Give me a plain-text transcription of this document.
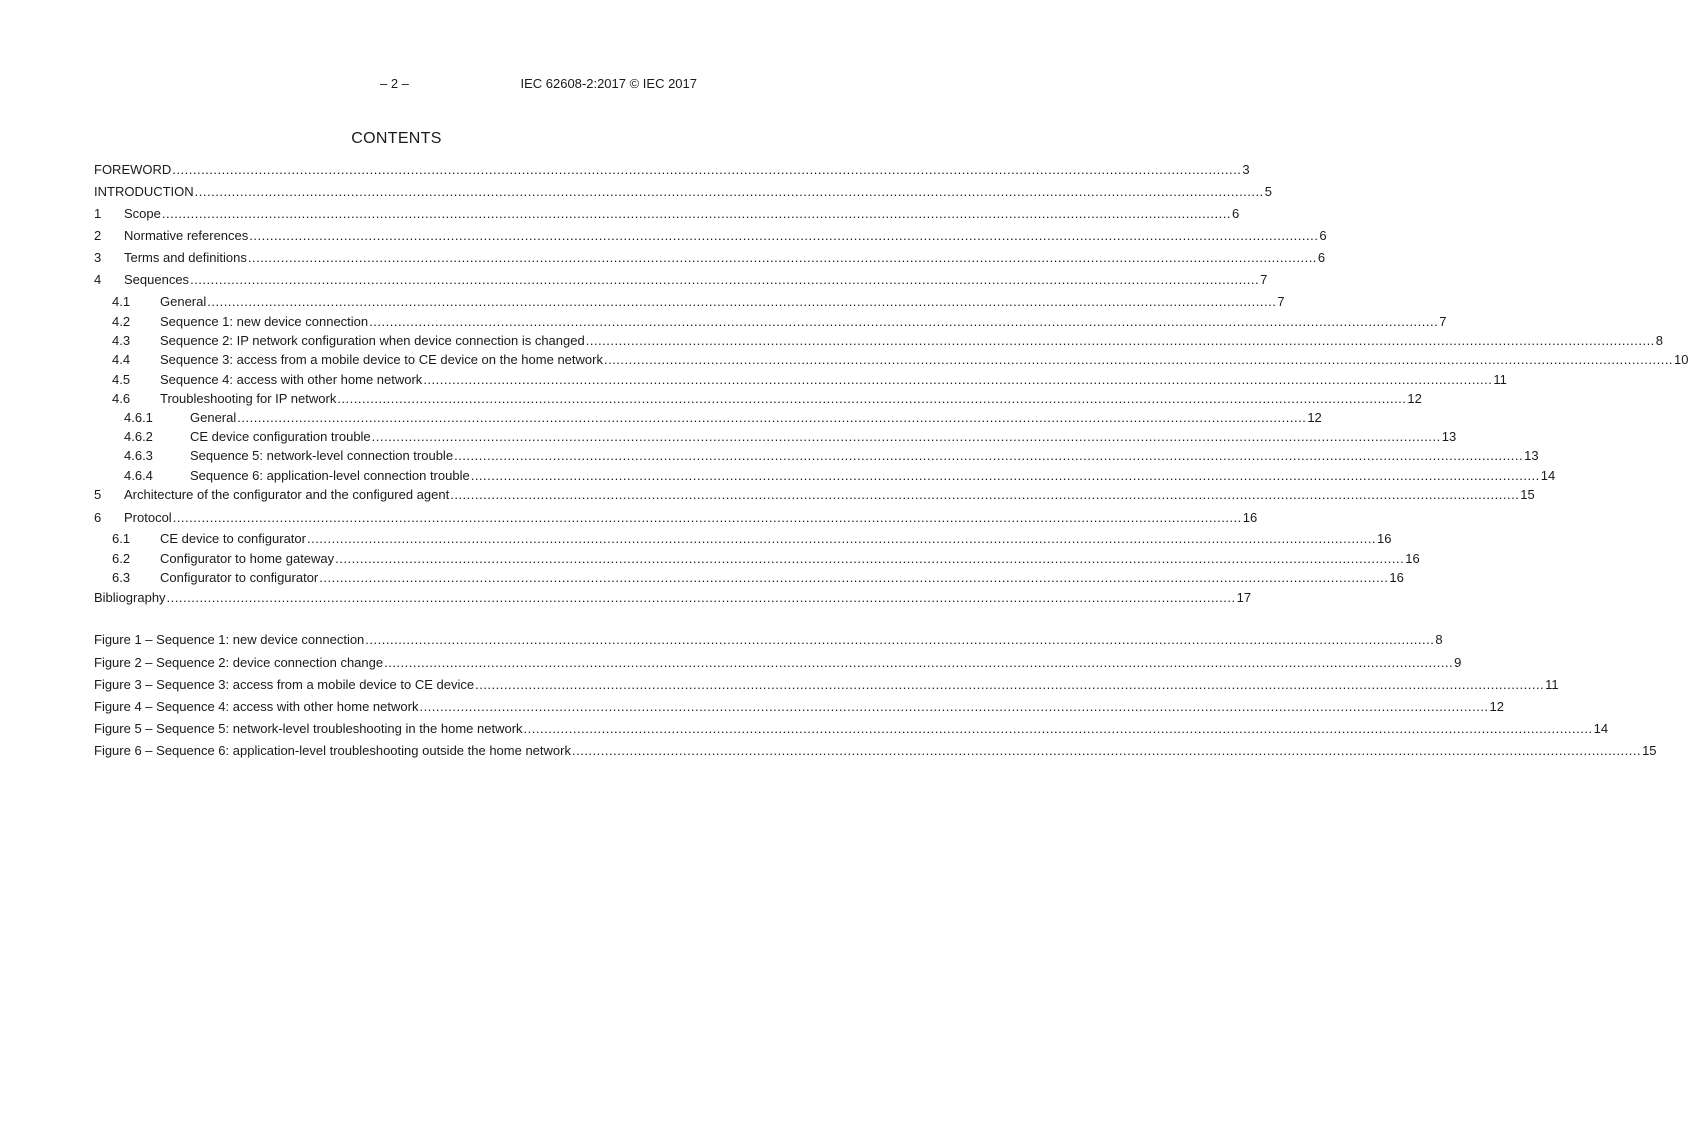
– 2 –	IEC 62608-2:2017 © IEC 2017
CONTENTS
FOREWORD .................................................................................................................................................................................................................................................................... 3
INTRODUCTION .................................................................................................................................................................................................................................................................... 5
1 Scope .................................................................................................................................................................................................................................................................... 6
2 Normative references .................................................................................................................................................................................................................................................................... 6
3 Terms and definitions .................................................................................................................................................................................................................................................................... 6
4 Sequences .................................................................................................................................................................................................................................................................... 7
4.1 General .................................................................................................................................................................................................................................................................... 7
4.2 Sequence 1: new device connection .................................................................................................................................................................................................................................................................... 7
4.3 Sequence 2: IP network configuration when device connection is changed .................................................................................................................................................................................................................................................................... 8
4.4 Sequence 3: access from a mobile device to CE device on the home network .................................................................................................................................................................................................................................................................... 10
4.5 Sequence 4: access with other home network .................................................................................................................................................................................................................................................................... 11
4.6 Troubleshooting for IP network .................................................................................................................................................................................................................................................................... 12
4.6.1	General .................................................................................................................................................................................................................................................................... 12
4.6.2	CE device configuration trouble .................................................................................................................................................................................................................................................................... 13
4.6.3	Sequence 5: network-level connection trouble .................................................................................................................................................................................................................................................................... 13
4.6.4	Sequence 6: application-level connection trouble .................................................................................................................................................................................................................................................................... 14
5 Architecture of the configurator and the configured agent .................................................................................................................................................................................................................................................................... 15
6 Protocol .................................................................................................................................................................................................................................................................... 16
6.1 CE device to configurator .................................................................................................................................................................................................................................................................... 16
6.2 Configurator to home gateway .................................................................................................................................................................................................................................................................... 16
6.3 Configurator to configurator .................................................................................................................................................................................................................................................................... 16
Bibliography .................................................................................................................................................................................................................................................................... 17
Figure 1 – Sequence 1: new device connection .................................................................................................................................................................................................................................................................... 8
Figure 2 – Sequence 2: device connection change .................................................................................................................................................................................................................................................................... 9
Figure 3 – Sequence 3: access from a mobile device to CE device .................................................................................................................................................................................................................................................................... 11
Figure 4 – Sequence 4: access with other home network .................................................................................................................................................................................................................................................................... 12
Figure 5 – Sequence 5: network-level troubleshooting in the home network .................................................................................................................................................................................................................................................................... 14
Figure 6 – Sequence 6: application-level troubleshooting outside the home network .................................................................................................................................................................................................................................................................... 15
